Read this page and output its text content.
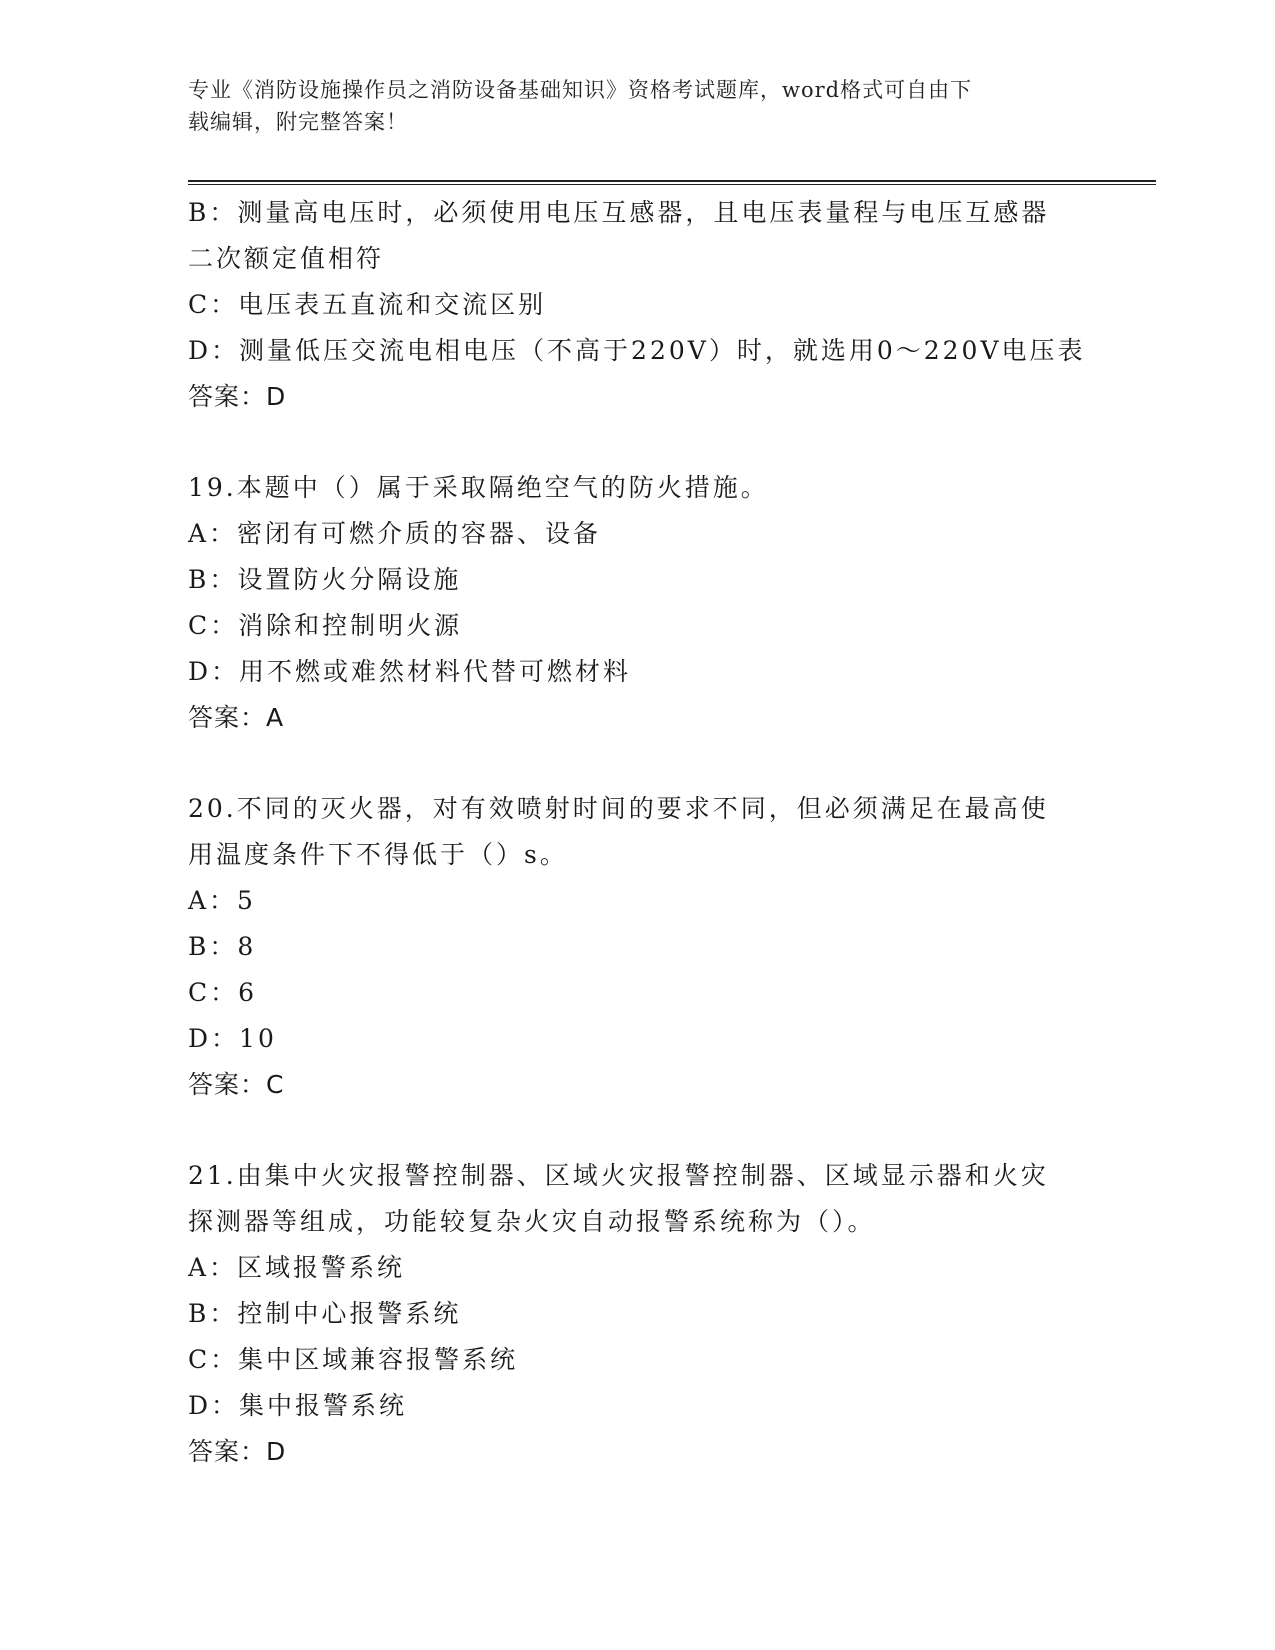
专业《消防设施操作员之消防设备基础知识》资格考试题库，word格式可自由下
载编辑，附完整答案！
B：测量高电压时，必须使用电压互感器，且电压表量程与电压互感器
二次额定值相符
C：电压表五直流和交流区别
D：测量低压交流电相电压（不高于220V）时，就选用0～220V电压表
答案：D
19.本题中（）属于采取隔绝空气的防火措施。
A：密闭有可燃介质的容器、设备
B：设置防火分隔设施
C：消除和控制明火源
D：用不燃或难然材料代替可燃材料
答案：A
20.不同的灭火器，对有效喷射时间的要求不同，但必须满足在最高使
用温度条件下不得低于（）s。
A：5
B：8
C：6
D：10
答案：C
21.由集中火灾报警控制器、区域火灾报警控制器、区域显示器和火灾
探测器等组成，功能较复杂火灾自动报警系统称为（）。
A：区域报警系统
B：控制中心报警系统
C：集中区域兼容报警系统
D：集中报警系统
答案：D
